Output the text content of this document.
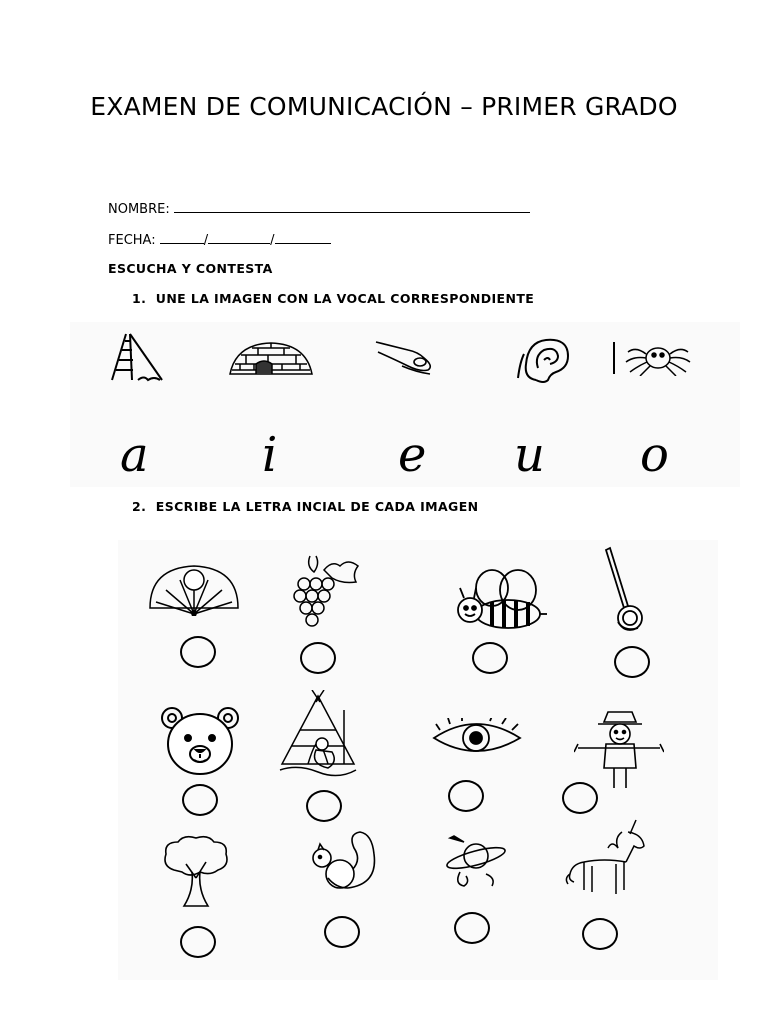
EXAMEN DE COMUNICACIÓN – PRIMER GRADO
NOMBRE:
FECHA:	/	/
ESCUCHA Y CONTESTA
1. UNE LA IMAGEN CON LA VOCAL CORRESPONDIENTE
a i	e u o
2. ESCRIBE LA LETRA INCIAL DE CADA IMAGEN
